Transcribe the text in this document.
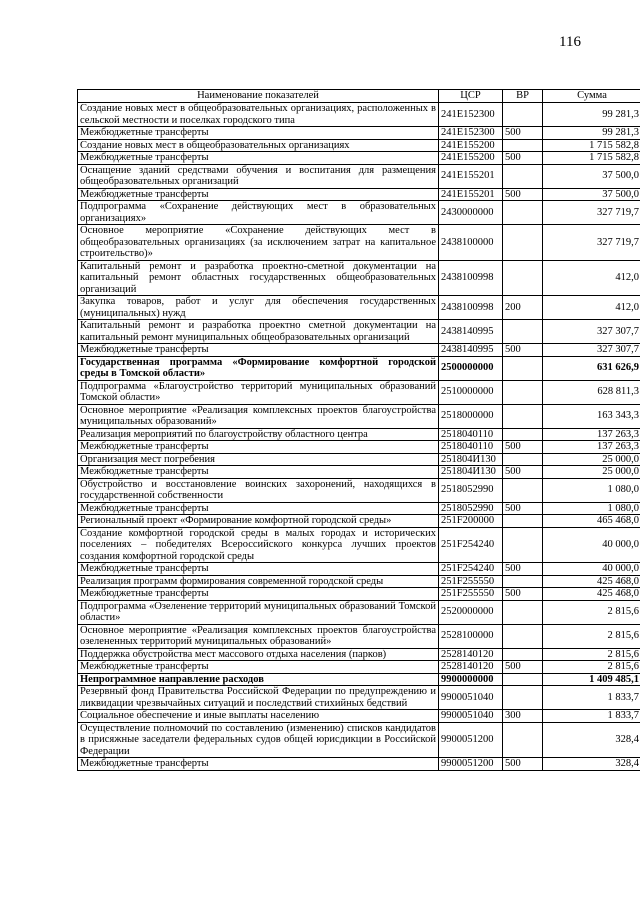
116
Наименование показателей	ЦСР	ВР	Сумма
Создание новых мест в общеобразовательных организациях, расположенных в сельской местности и поселках городского типа	241E152300		99 281,3
Межбюджетные трансферты	241E152300	500	99 281,3
Создание новых мест в общеобразовательных организациях	241E155200		1 715 582,8
Межбюджетные трансферты	241E155200	500	1 715 582,8
Оснащение зданий средствами обучения и воспитания для размещения общеобразовательных организаций	241E155201		37 500,0
Межбюджетные трансферты	241E155201	500	37 500,0
Подпрограмма «Сохранение действующих мест в образовательных организациях»	2430000000		327 719,7
Основное мероприятие «Сохранение действующих мест в общеобразовательных организациях (за исключением затрат на капитальное строительство)»	2438100000		327 719,7
Капитальный ремонт и разработка проектно-сметной документации на капитальный ремонт областных государственных общеобразовательных организаций	2438100998		412,0
Закупка товаров, работ и услуг для обеспечения государственных (муниципальных) нужд	2438100998	200	412,0
Капитальный ремонт и разработка проектно сметной документации на капитальный ремонт муниципальных общеобразовательных организаций	2438140995		327 307,7
Межбюджетные трансферты	2438140995	500	327 307,7
Государственная программа «Формирование комфортной городской среды в Томской области»	2500000000		631 626,9
Подпрограмма «Благоустройство территорий муниципальных образований Томской области»	2510000000		628 811,3
Основное мероприятие «Реализация комплексных проектов благоустройства муниципальных образований»	2518000000		163 343,3
Реализация мероприятий по благоустройству областного центра	2518040110		137 263,3
Межбюджетные трансферты	2518040110	500	137 263,3
Организация мест погребения	251804И130		25 000,0
Межбюджетные трансферты	251804И130	500	25 000,0
Обустройство и восстановление воинских захоронений, находящихся в государственной собственности	2518052990		1 080,0
Межбюджетные трансферты	2518052990	500	1 080,0
Региональный проект «Формирование комфортной городской среды»	251F200000		465 468,0
Создание комфортной городской среды в малых городах и исторических поселениях – победителях Всероссийского конкурса лучших проектов создания комфортной городской среды	251F254240		40 000,0
Межбюджетные трансферты	251F254240	500	40 000,0
Реализация программ формирования современной городской среды	251F255550		425 468,0
Межбюджетные трансферты	251F255550	500	425 468,0
Подпрограмма «Озеленение территорий муниципальных образований Томской области»	2520000000		2 815,6
Основное мероприятие «Реализация комплексных проектов благоустройства озелененных территорий муниципальных образований»	2528100000		2 815,6
Поддержка обустройства мест массового отдыха населения (парков)	2528140120		2 815,6
Межбюджетные трансферты	2528140120	500	2 815,6
Непрограммное направление расходов	9900000000		1 409 485,1
Резервный фонд Правительства Российской Федерации по предупреждению и ликвидации чрезвычайных ситуаций и последствий стихийных бедствий	9900051040		1 833,7
Социальное обеспечение и иные выплаты населению	9900051040	300	1 833,7
Осуществление полномочий по составлению (изменению) списков кандидатов в присяжные заседатели федеральных судов общей юрисдикции в Российской Федерации	9900051200		328,4
Межбюджетные трансферты	9900051200	500	328,4
